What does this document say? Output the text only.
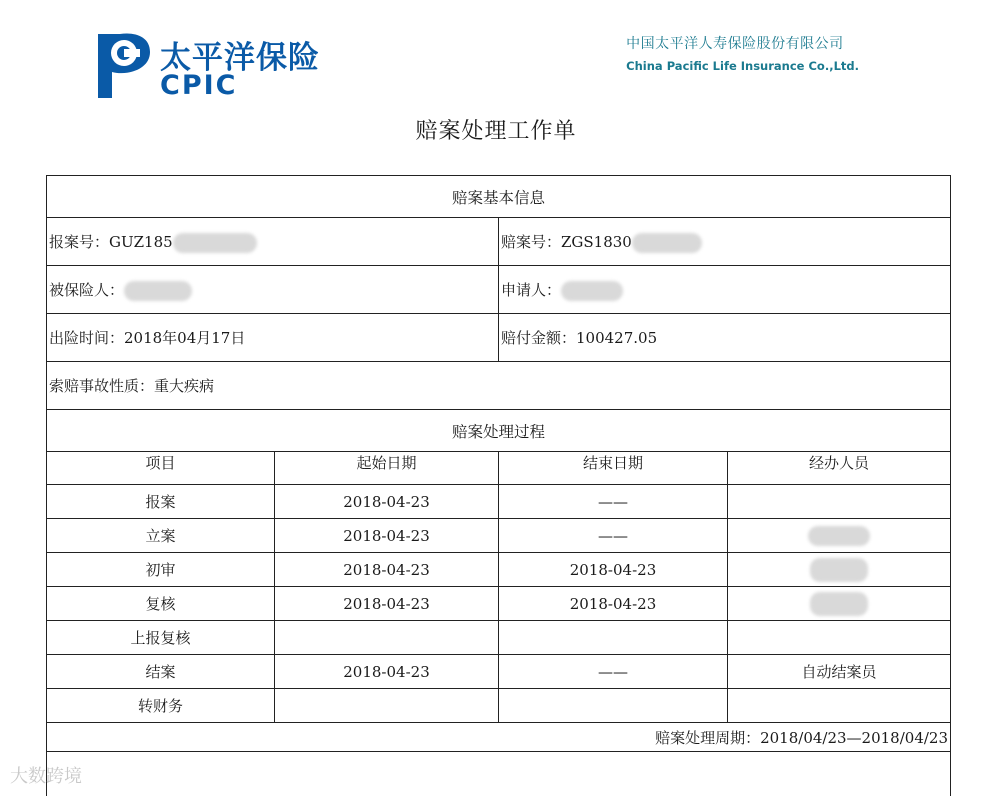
太平洋保险
CPIC
中国太平洋人寿保险股份有限公司
China Pacific Life Insurance Co.,Ltd.
赔案处理工作单
赔案基本信息			
报案号：GUZ185		赔案号：ZGS1830	
被保险人：		申请人：	
出险时间：2018年04月17日		赔付金额：100427.05	
索赔事故性质：重大疾病			
赔案处理过程			
项目	起始日期	结束日期	经办人员
报案	2018-04-23	——	
立案	2018-04-23	——	
初审	2018-04-23	2018-04-23	
复核	2018-04-23	2018-04-23	
上报复核			
结案	2018-04-23	——	自动结案员
转财务			
赔案处理周期：2018/04/23—2018/04/23			

大数跨境
